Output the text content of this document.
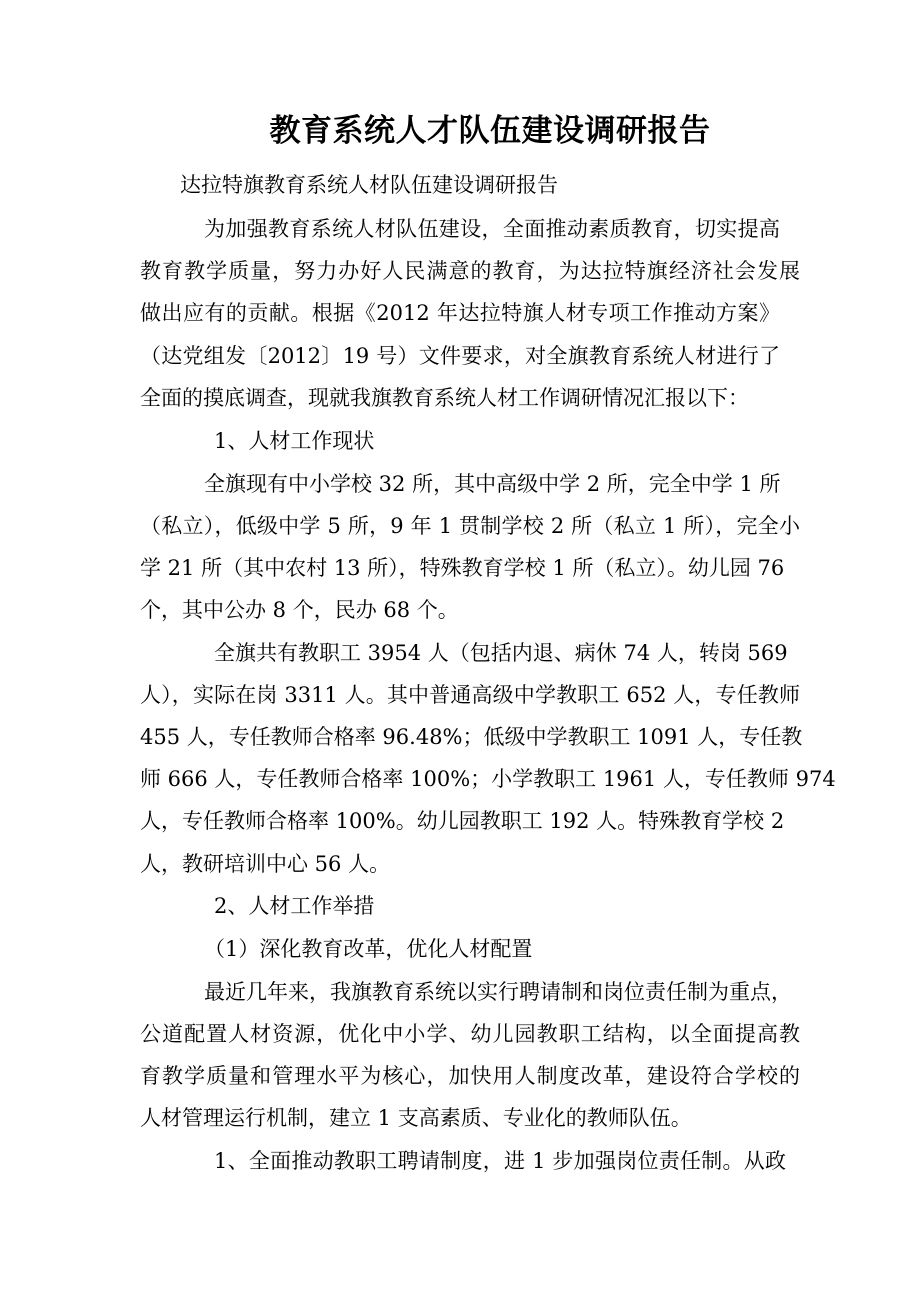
教育系统人才队伍建设调研报告

达拉特旗教育系统人材队伍建设调研报告

为加强教育系统人材队伍建设，全面推动素质教育，切实提高

教育教学质量，努力办好人民满意的教育，为达拉特旗经济社会发展

做出应有的贡献。根据《2012 年达拉特旗人材专项工作推动方案》

（达党组发〔2012〕19 号）文件要求，对全旗教育系统人材进行了

全面的摸底调查，现就我旗教育系统人材工作调研情况汇报以下：

1、人材工作现状

全旗现有中小学校 32 所，其中高级中学 2 所，完全中学 1 所

（私立），低级中学 5 所，9 年 1 贯制学校 2 所（私立 1 所），完全小

学 21 所（其中农村 13 所），特殊教育学校 1 所（私立）。幼儿园 76

个，其中公办 8 个，民办 68 个。

全旗共有教职工 3954 人（包括内退、病休 74 人，转岗 569

人），实际在岗 3311 人。其中普通高级中学教职工 652 人，专任教师

455 人，专任教师合格率 96.48%；低级中学教职工 1091 人，专任教

师 666 人，专任教师合格率 100%；小学教职工 1961 人，专任教师 974

人，专任教师合格率 100%。幼儿园教职工 192 人。特殊教育学校 2

人，教研培训中心 56 人。

2、人材工作举措

（1）深化教育改革，优化人材配置

最近几年来，我旗教育系统以实行聘请制和岗位责任制为重点，

公道配置人材资源，优化中小学、幼儿园教职工结构，以全面提高教

育教学质量和管理水平为核心，加快用人制度改革，建设符合学校的

人材管理运行机制，建立 1 支高素质、专业化的教师队伍。

1、全面推动教职工聘请制度，进 1 步加强岗位责任制。从政
